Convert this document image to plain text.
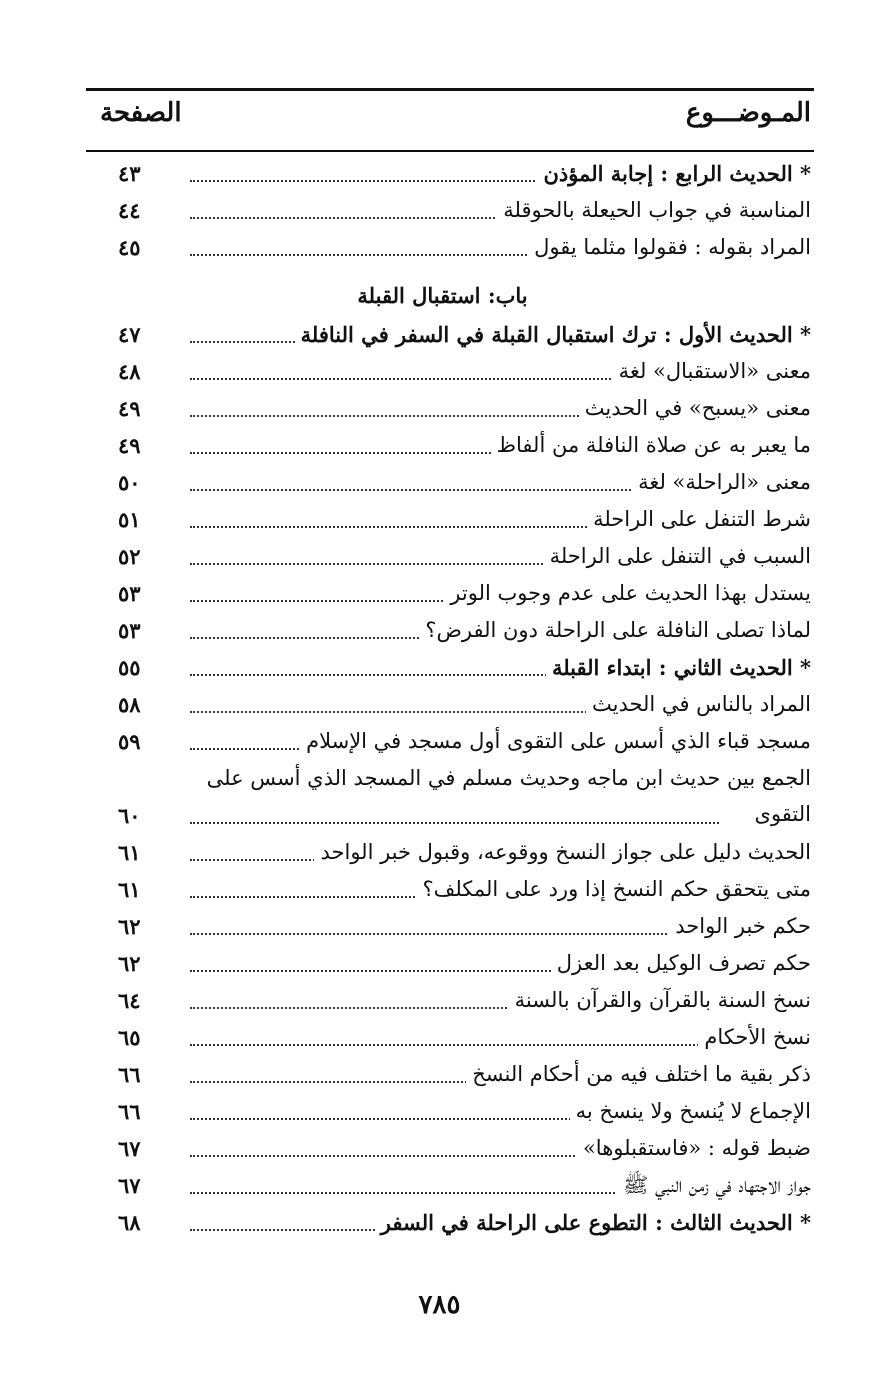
المـوضـــوع
الصفحة
* الحديث الرابع : إجابة المؤذن
٤٣
المناسبة في جواب الحيعلة بالحوقلة
٤٤
المراد بقوله : فقولوا مثلما يقول
٤٥
باب: استقبال القبلة
* الحديث الأول : ترك استقبال القبلة في السفر في النافلة
٤٧
معنى «الاستقبال» لغة
٤٨
معنى «يسبح» في الحديث
٤٩
ما يعبر به عن صلاة النافلة من ألفاظ
٤٩
معنى «الراحلة» لغة
٥٠
شرط التنفل على الراحلة
٥١
السبب في التنفل على الراحلة
٥٢
يستدل بهذا الحديث على عدم وجوب الوتر
٥٣
لماذا تصلى النافلة على الراحلة دون الفرض؟
٥٣
* الحديث الثاني : ابتداء القبلة
٥٥
المراد بالناس في الحديث
٥٨
مسجد قباء الذي أسس على التقوى أول مسجد في الإسلام
٥٩
الجمع بين حديث ابن ماجه وحديث مسلم في المسجد الذي أسس على التقوى
٦٠
الحديث دليل على جواز النسخ ووقوعه، وقبول خبر الواحد
٦١
متى يتحقق حكم النسخ إذا ورد على المكلف؟
٦١
حكم خبر الواحد
٦٢
حكم تصرف الوكيل بعد العزل
٦٢
نسخ السنة بالقرآن والقرآن بالسنة
٦٤
نسخ الأحكام
٦٥
ذكر بقية ما اختلف فيه من أحكام النسخ
٦٦
الإجماع لا يُنسخ ولا ينسخ به
٦٦
ضبط قوله : «فاستقبلوها»
٦٧
جواز الاجتهاد في زمن النبي ﷺ
٦٧
* الحديث الثالث : التطوع على الراحلة في السفر
٦٨
٧٨٥
